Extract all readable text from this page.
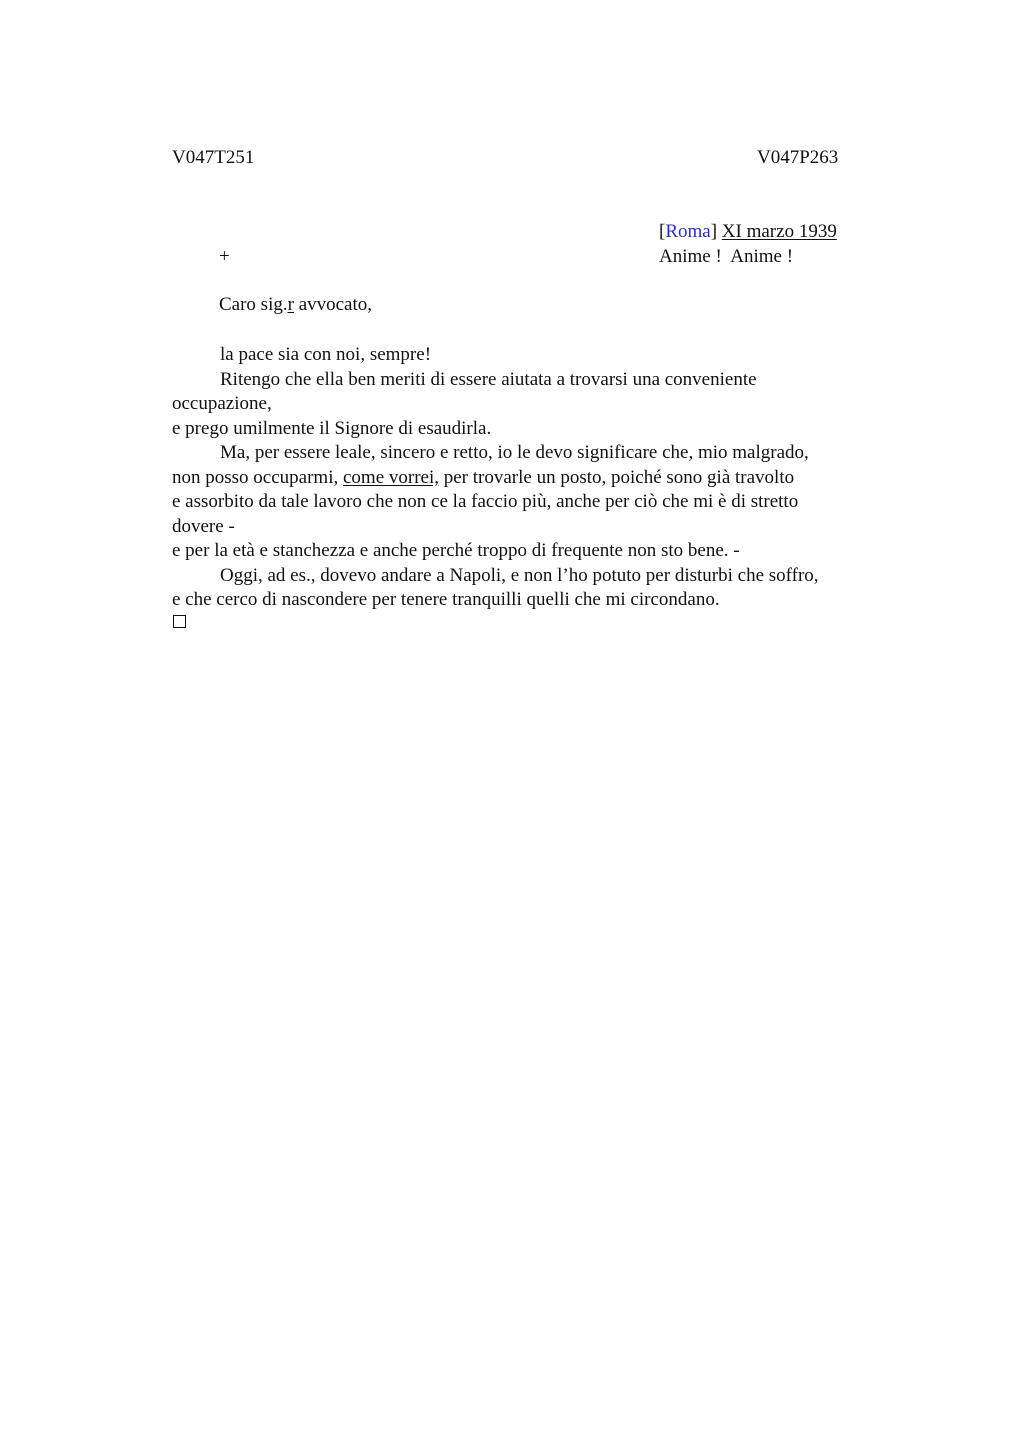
V047T251	V047P263
[Roma] XI marzo 1939
+	Anime !  Anime !
Caro sig.r avvocato,
la pace sia con noi, sempre!
Ritengo che ella ben meriti di essere aiutata a trovarsi una conveniente
occupazione,
e prego umilmente il Signore di esaudirla.
Ma, per essere leale, sincero e retto, io le devo significare che, mio malgrado,
non posso occuparmi, come vorrei, per trovarle un posto, poiché sono già travolto
e assorbito da tale lavoro che non ce la faccio più, anche per ciò che mi è di stretto
dovere -
e per la età e stanchezza e anche perché troppo di frequente non sto bene. -
Oggi, ad es., dovevo andare a Napoli, e non l’ho potuto per disturbi che soffro,
e che cerco di nascondere per tenere tranquilli quelli che mi circondano.
